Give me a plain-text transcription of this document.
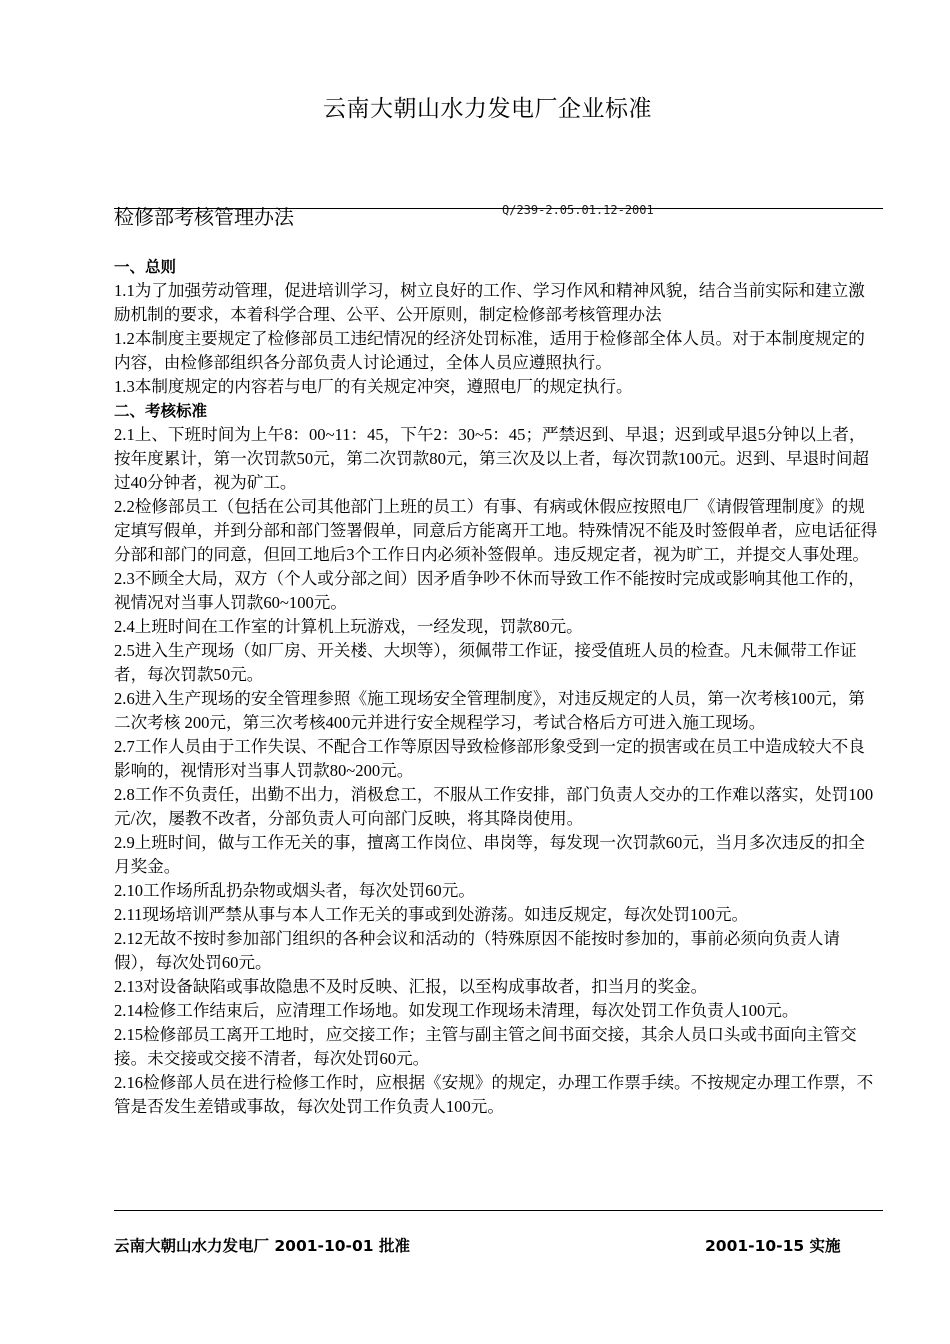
云南大朝山水力发电厂企业标准
检修部考核管理办法	Q/239-2.05.01.12-2001
一、总则

1.1为了加强劳动管理，促进培训学习，树立良好的工作、学习作风和精神风貌，结合当前实际和建立激励机制的要求，本着科学合理、公平、公开原则，制定检修部考核管理办法

1.2本制度主要规定了检修部员工违纪情况的经济处罚标准，适用于检修部全体人员。对于本制度规定的内容，由检修部组织各分部负责人讨论通过，全体人员应遵照执行。

1.3本制度规定的内容若与电厂的有关规定冲突，遵照电厂的规定执行。

二、考核标准

2.1上、下班时间为上午8：00~11：45，下午2：30~5：45；严禁迟到、早退；迟到或早退5分钟以上者，按年度累计，第一次罚款50元，第二次罚款80元，第三次及以上者，每次罚款100元。迟到、早退时间超过40分钟者，视为矿工。

2.2检修部员工（包括在公司其他部门上班的员工）有事、有病或休假应按照电厂《请假管理制度》的规定填写假单，并到分部和部门签署假单，同意后方能离开工地。特殊情况不能及时签假单者，应电话征得分部和部门的同意，但回工地后3个工作日内必须补签假单。违反规定者，视为旷工，并提交人事处理。

2.3不顾全大局，双方（个人或分部之间）因矛盾争吵不休而导致工作不能按时完成或影响其他工作的，视情况对当事人罚款60~100元。

2.4上班时间在工作室的计算机上玩游戏，一经发现，罚款80元。

2.5进入生产现场（如厂房、开关楼、大坝等），须佩带工作证，接受值班人员的检查。凡未佩带工作证者，每次罚款50元。

2.6进入生产现场的安全管理参照《施工现场安全管理制度》，对违反规定的人员，第一次考核100元，第二次考核 200元，第三次考核400元并进行安全规程学习，考试合格后方可进入施工现场。

2.7工作人员由于工作失误、不配合工作等原因导致检修部形象受到一定的损害或在员工中造成较大不良影响的，视情形对当事人罚款80~200元。

2.8工作不负责任，出勤不出力，消极怠工，不服从工作安排，部门负责人交办的工作难以落实，处罚100元/次，屡教不改者，分部负责人可向部门反映，将其降岗使用。

2.9上班时间，做与工作无关的事，擅离工作岗位、串岗等，每发现一次罚款60元，当月多次违反的扣全月奖金。

2.10工作场所乱扔杂物或烟头者，每次处罚60元。

2.11现场培训严禁从事与本人工作无关的事或到处游荡。如违反规定，每次处罚100元。

2.12无故不按时参加部门组织的各种会议和活动的（特殊原因不能按时参加的，事前必须向负责人请假），每次处罚60元。

2.13对设备缺陷或事故隐患不及时反映、汇报，以至构成事故者，扣当月的奖金。

2.14检修工作结束后，应清理工作场地。如发现工作现场未清理，每次处罚工作负责人100元。

2.15检修部员工离开工地时，应交接工作；主管与副主管之间书面交接，其余人员口头或书面向主管交接。未交接或交接不清者，每次处罚60元。

2.16检修部人员在进行检修工作时，应根据《安规》的规定，办理工作票手续。不按规定办理工作票，不管是否发生差错或事故，每次处罚工作负责人100元。

云南大朝山水力发电厂 2001-10-01 批准	2001-10-15 实施
